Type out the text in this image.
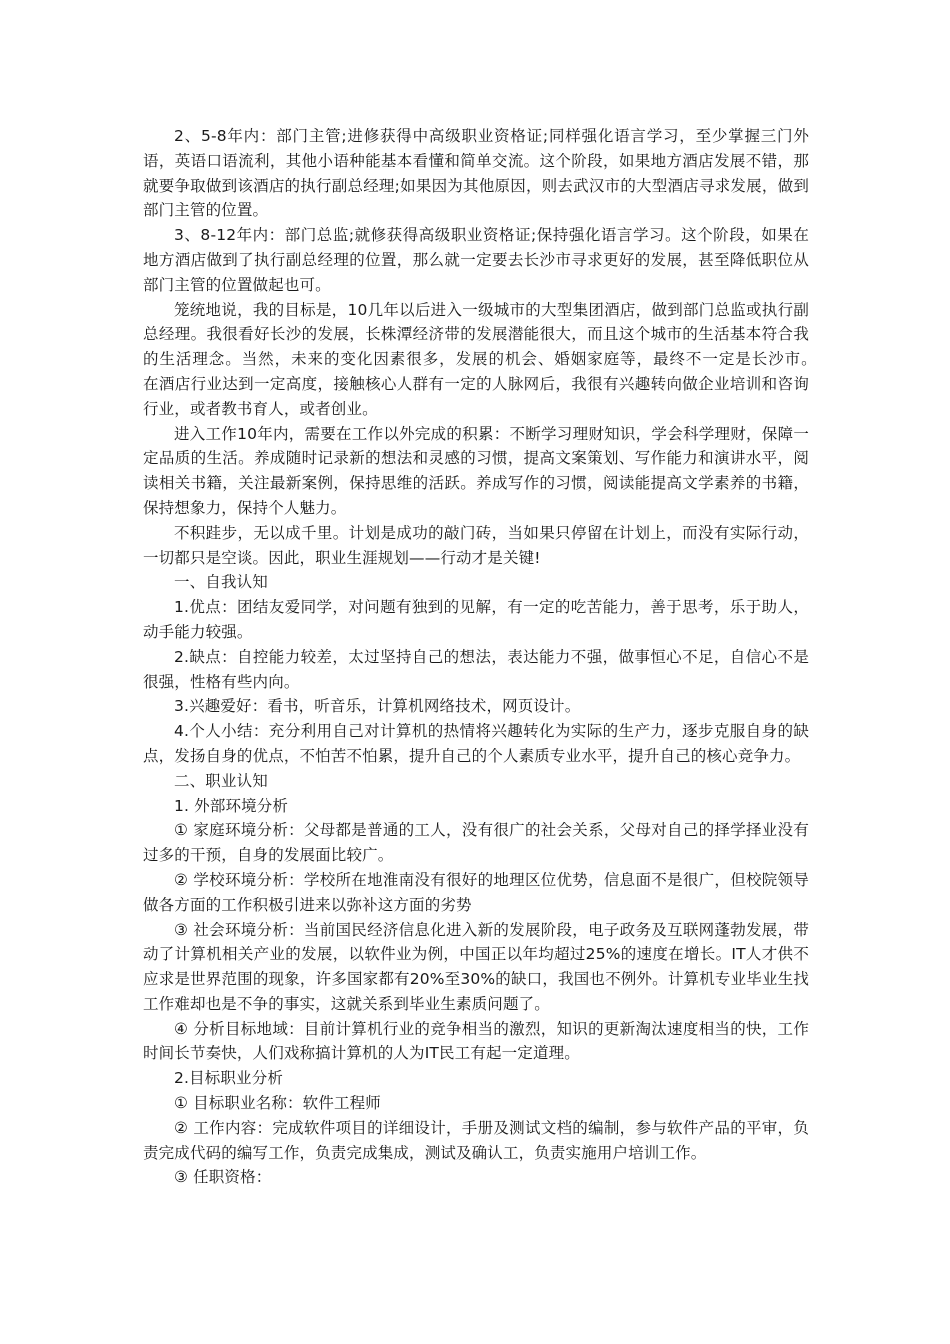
2、5-8年内：部门主管;进修获得中高级职业资格证;同样强化语言学习，至少掌握三门外语，英语口语流利，其他小语种能基本看懂和简单交流。这个阶段，如果地方酒店发展不错，那就要争取做到该酒店的执行副总经理;如果因为其他原因，则去武汉市的大型酒店寻求发展，做到部门主管的位置。

3、8-12年内：部门总监;就修获得高级职业资格证;保持强化语言学习。这个阶段，如果在地方酒店做到了执行副总经理的位置，那么就一定要去长沙市寻求更好的发展，甚至降低职位从部门主管的位置做起也可。

笼统地说，我的目标是，10几年以后进入一级城市的大型集团酒店，做到部门总监或执行副总经理。我很看好长沙的发展，长株潭经济带的发展潜能很大，而且这个城市的生活基本符合我的生活理念。当然，未来的变化因素很多，发展的机会、婚姻家庭等，最终不一定是长沙市。　　在酒店行业达到一定高度，接触核心人群有一定的人脉网后，我很有兴趣转向做企业培训和咨询行业，或者教书育人，或者创业。

进入工作10年内，需要在工作以外完成的积累：不断学习理财知识，学会科学理财，保障一定品质的生活。养成随时记录新的想法和灵感的习惯，提高文案策划、写作能力和演讲水平，阅读相关书籍，关注最新案例，保持思维的活跃。养成写作的习惯，阅读能提高文学素养的书籍，保持想象力，保持个人魅力。

不积跬步，无以成千里。计划是成功的敲门砖，当如果只停留在计划上，而没有实际行动，一切都只是空谈。因此，职业生涯规划——行动才是关键!

一、自我认知

1.优点：团结友爱同学，对问题有独到的见解，有一定的吃苦能力，善于思考，乐于助人，动手能力较强。

2.缺点：自控能力较差，太过坚持自己的想法，表达能力不强，做事恒心不足，自信心不是很强，性格有些内向。

3.兴趣爱好：看书，听音乐，计算机网络技术，网页设计。

4.个人小结：充分利用自己对计算机的热情将兴趣转化为实际的生产力，逐步克服自身的缺点，发扬自身的优点，不怕苦不怕累，提升自己的个人素质专业水平，提升自己的核心竞争力。

二、职业认知

1. 外部环境分析

① 家庭环境分析：父母都是普通的工人，没有很广的社会关系，父母对自己的择学择业没有过多的干预，自身的发展面比较广。

② 学校环境分析：学校所在地淮南没有很好的地理区位优势，信息面不是很广，但校院领导做各方面的工作积极引进来以弥补这方面的劣势

③ 社会环境分析：当前国民经济信息化进入新的发展阶段，电子政务及互联网蓬勃发展，带动了计算机相关产业的发展，以软件业为例，中国正以年均超过25%的速度在增长。IT人才供不应求是世界范围的现象，许多国家都有20%至30%的缺口，我国也不例外。计算机专业毕业生找工作难却也是不争的事实，这就关系到毕业生素质问题了。

④ 分析目标地域：目前计算机行业的竞争相当的激烈，知识的更新淘汰速度相当的快，工作时间长节奏快，人们戏称搞计算机的人为IT民工有起一定道理。

2.目标职业分析

① 目标职业名称：软件工程师

② 工作内容：完成软件项目的详细设计，手册及测试文档的编制，参与软件产品的平审，负责完成代码的编写工作，负责完成集成，测试及确认工，负责实施用户培训工作。

③ 任职资格：
